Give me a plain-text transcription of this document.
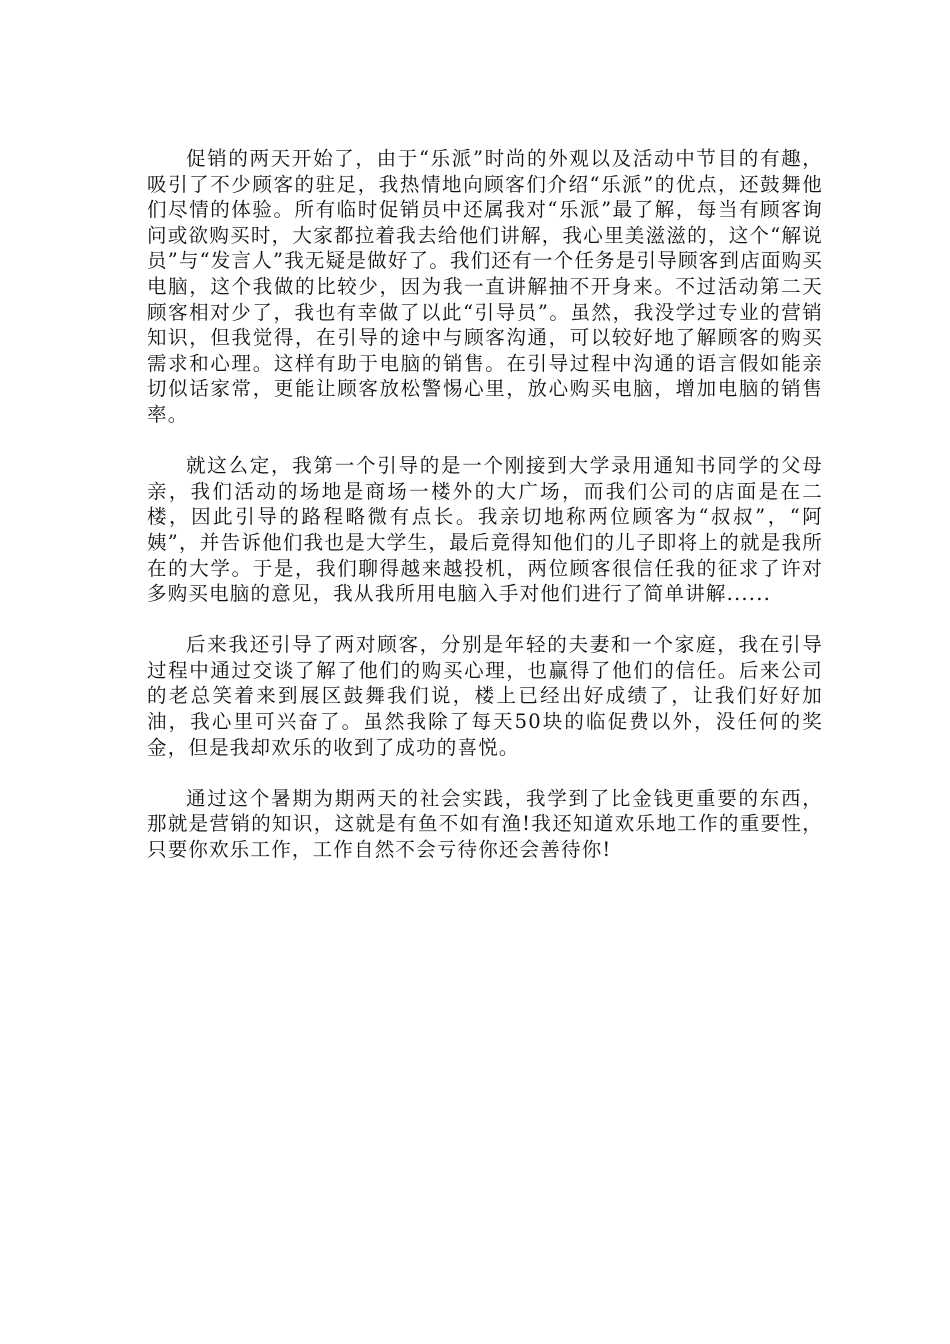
促销的两天开始了，由于“乐派”时尚的外观以及活动中节目的有趣，吸引了不少顾客的驻足，我热情地向顾客们介绍“乐派”的优点，还鼓舞他们尽情的体验。所有临时促销员中还属我对“乐派”最了解，每当有顾客询问或欲购买时，大家都拉着我去给他们讲解，我心里美滋滋的，这个“解说员”与“发言人”我无疑是做好了。我们还有一个任务是引导顾客到店面购买电脑，这个我做的比较少，因为我一直讲解抽不开身来。不过活动第二天顾客相对少了，我也有幸做了以此“引导员”。虽然，我没学过专业的营销知识，但我觉得，在引导的途中与顾客沟通，可以较好地了解顾客的购买需求和心理。这样有助于电脑的销售。在引导过程中沟通的语言假如能亲切似话家常，更能让顾客放松警惕心里，放心购买电脑，增加电脑的销售率。

就这么定，我第一个引导的是一个刚接到大学录用通知书同学的父母亲，我们活动的场地是商场一楼外的大广场，而我们公司的店面是在二楼，因此引导的路程略微有点长。我亲切地称两位顾客为“叔叔”，“阿姨”，并告诉他们我也是大学生，最后竟得知他们的儿子即将上的就是我所在的大学。于是，我们聊得越来越投机，两位顾客很信任我的征求了许对多购买电脑的意见，我从我所用电脑入手对他们进行了简单讲解......

后来我还引导了两对顾客，分别是年轻的夫妻和一个家庭，我在引导过程中通过交谈了解了他们的购买心理，也赢得了他们的信任。后来公司的老总笑着来到展区鼓舞我们说，楼上已经出好成绩了，让我们好好加油，我心里可兴奋了。虽然我除了每天50块的临促费以外，没任何的奖金，但是我却欢乐的收到了成功的喜悦。

通过这个暑期为期两天的社会实践，我学到了比金钱更重要的东西，那就是营销的知识，这就是有鱼不如有渔!我还知道欢乐地工作的重要性，只要你欢乐工作，工作自然不会亏待你还会善待你!
